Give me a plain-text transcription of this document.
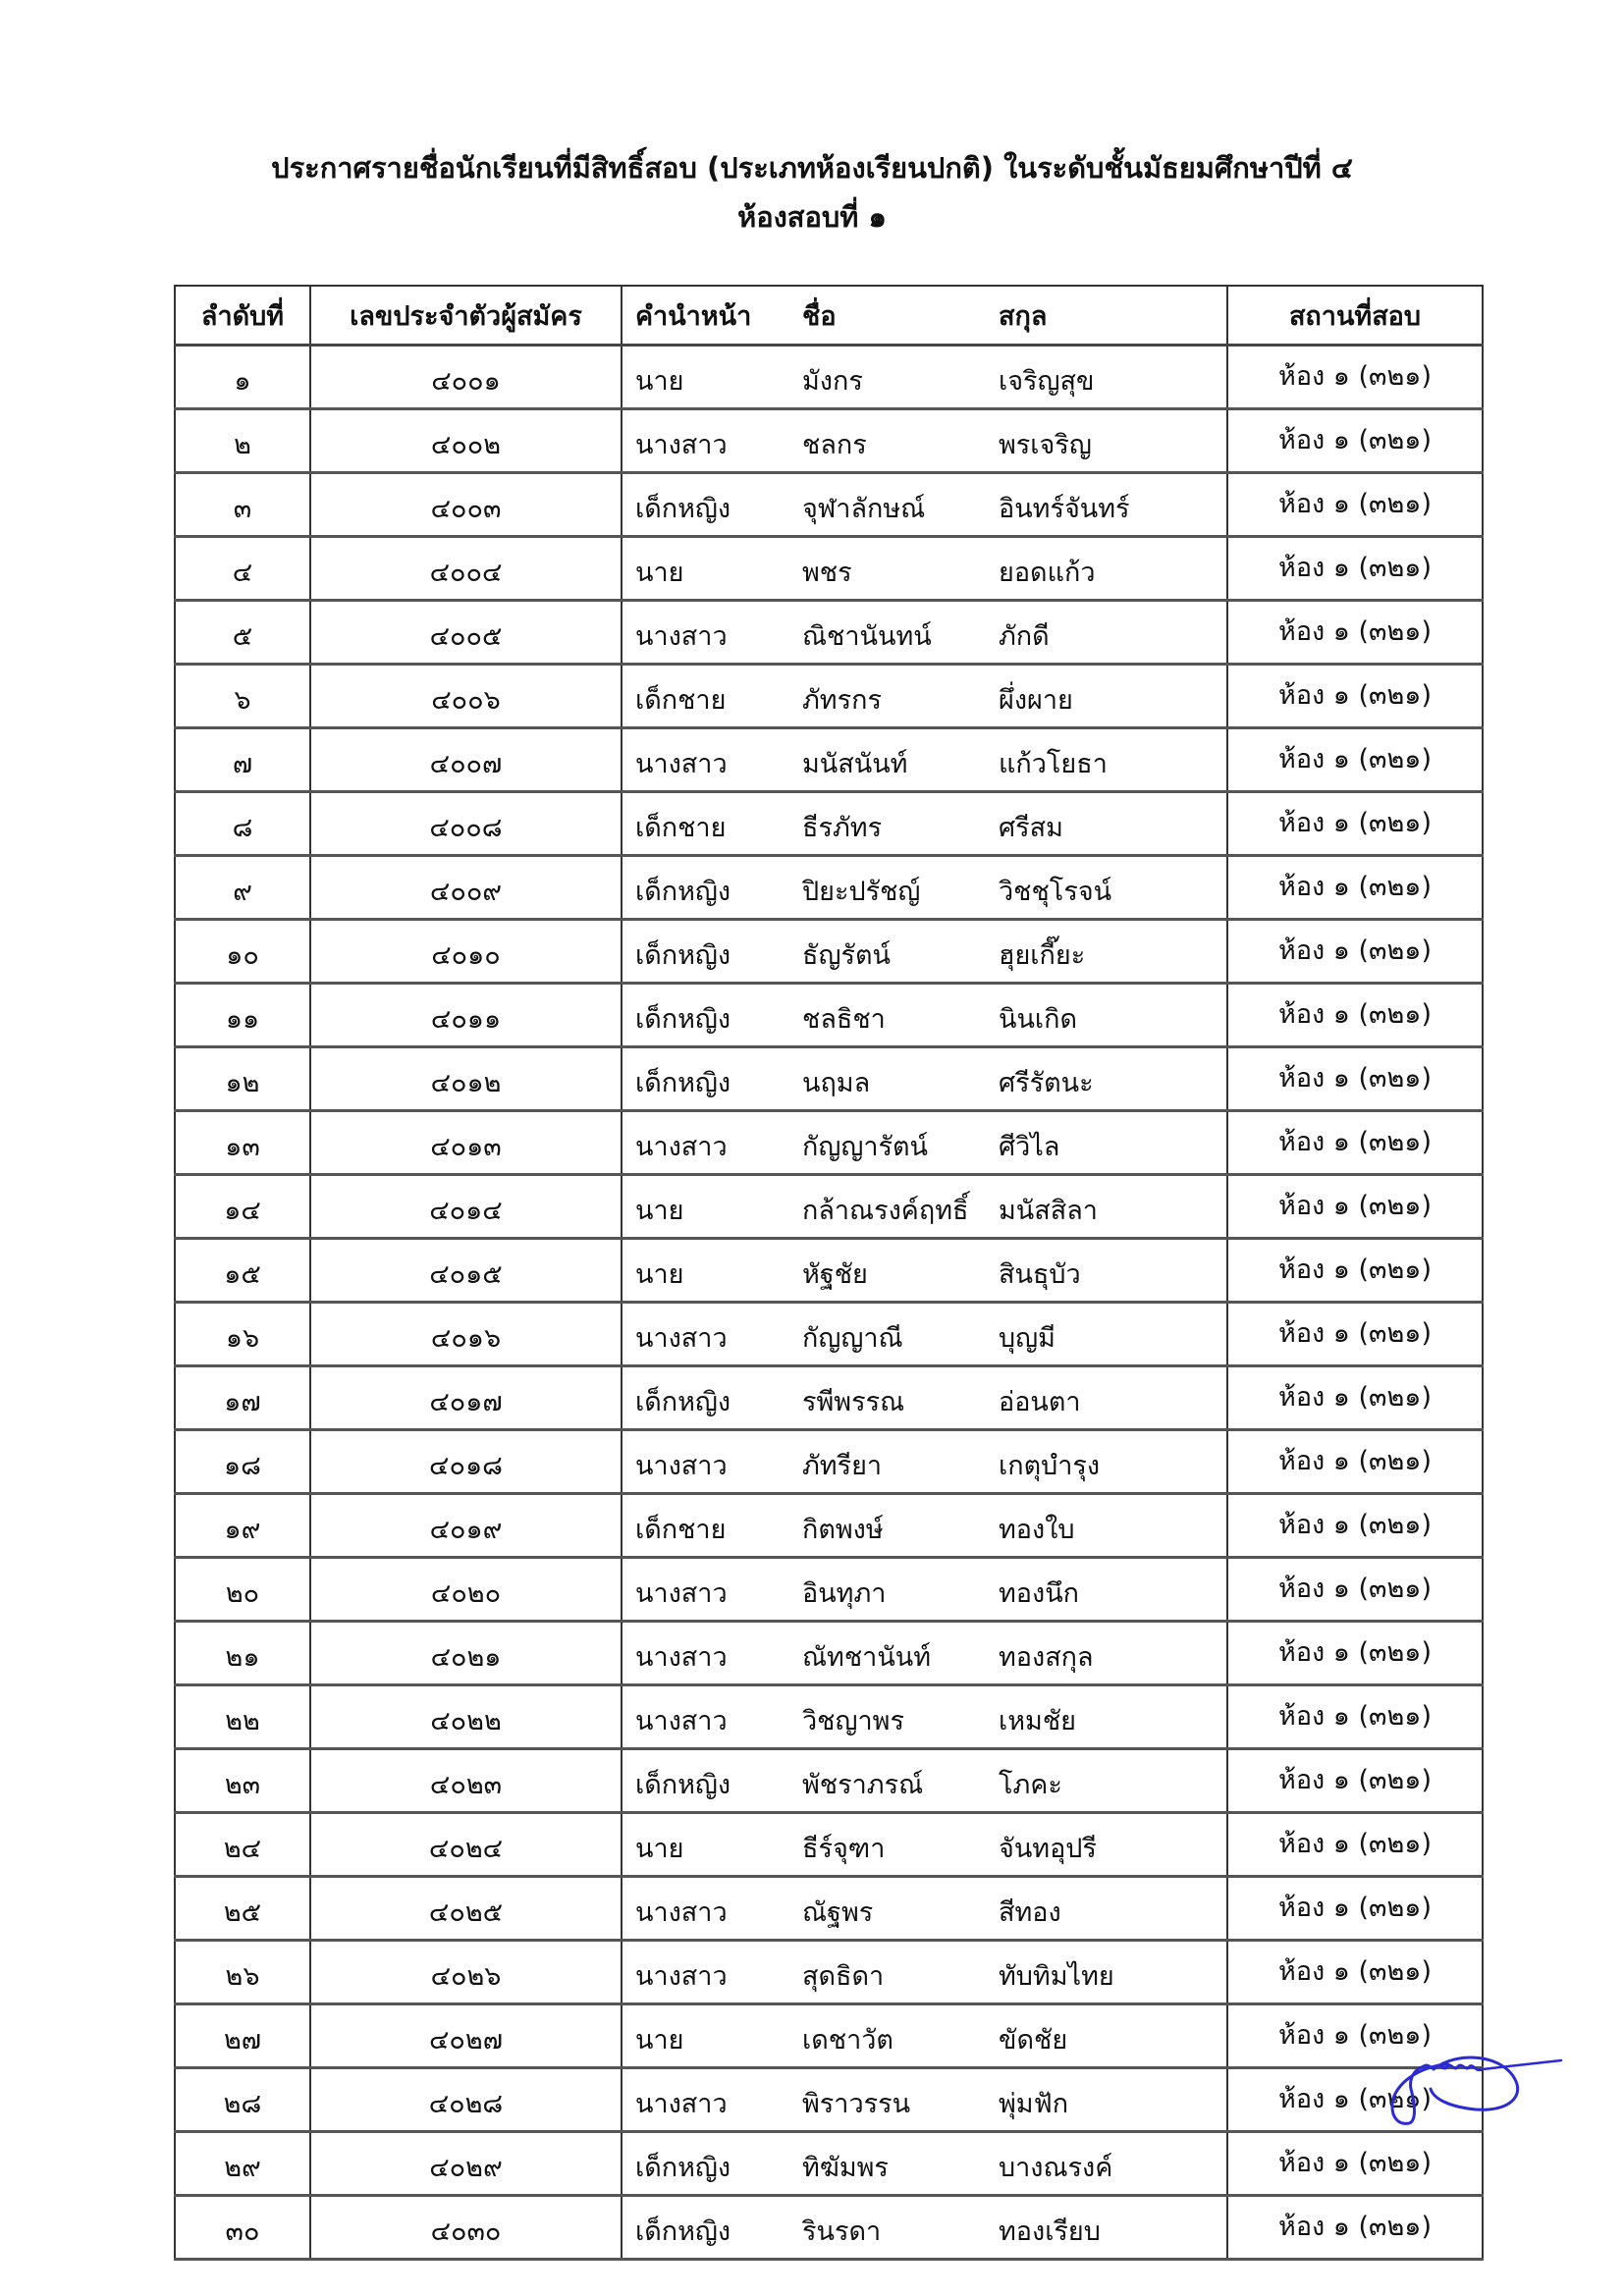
ประกาศรายชื่อนักเรียนที่มีสิทธิ์สอบ (ประเภทห้องเรียนปกติ) ในระดับชั้นมัธยมศึกษาปีที่ ๔
ห้องสอบที่ ๑
ลำดับที่	เลขประจำตัวผู้สมัคร	คำนำหน้า	ชื่อ	สกุล	สถานที่สอบ
๑	๔๐๐๑	นาย	มังกร	เจริญสุข	ห้อง ๑ (๓๒๑)
๒	๔๐๐๒	นางสาว	ชลกร	พรเจริญ	ห้อง ๑ (๓๒๑)
๓	๔๐๐๓	เด็กหญิง	จุฬาลักษณ์	อินทร์จันทร์	ห้อง ๑ (๓๒๑)
๔	๔๐๐๔	นาย	พชร	ยอดแก้ว	ห้อง ๑ (๓๒๑)
๕	๔๐๐๕	นางสาว	ณิชานันทน์	ภักดี	ห้อง ๑ (๓๒๑)
๖	๔๐๐๖	เด็กชาย	ภัทรกร	ผึ่งผาย	ห้อง ๑ (๓๒๑)
๗	๔๐๐๗	นางสาว	มนัสนันท์	แก้วโยธา	ห้อง ๑ (๓๒๑)
๘	๔๐๐๘	เด็กชาย	ธีรภัทร	ศรีสม	ห้อง ๑ (๓๒๑)
๙	๔๐๐๙	เด็กหญิง	ปิยะปรัชญ์	วิชชุโรจน์	ห้อง ๑ (๓๒๑)
๑๐	๔๐๑๐	เด็กหญิง	ธัญรัตน์	ฮุยเกี๊ยะ	ห้อง ๑ (๓๒๑)
๑๑	๔๐๑๑	เด็กหญิง	ชลธิชา	นินเกิด	ห้อง ๑ (๓๒๑)
๑๒	๔๐๑๒	เด็กหญิง	นฤมล	ศรีรัตนะ	ห้อง ๑ (๓๒๑)
๑๓	๔๐๑๓	นางสาว	กัญญารัตน์	ศีวิไล	ห้อง ๑ (๓๒๑)
๑๔	๔๐๑๔	นาย	กล้าณรงค์ฤทธิ์	มนัสสิลา	ห้อง ๑ (๓๒๑)
๑๕	๔๐๑๕	นาย	หัฐชัย	สินธุบัว	ห้อง ๑ (๓๒๑)
๑๖	๔๐๑๖	นางสาว	กัญญาณี	บุญมี	ห้อง ๑ (๓๒๑)
๑๗	๔๐๑๗	เด็กหญิง	รพีพรรณ	อ่อนตา	ห้อง ๑ (๓๒๑)
๑๘	๔๐๑๘	นางสาว	ภัทรียา	เกตุบำรุง	ห้อง ๑ (๓๒๑)
๑๙	๔๐๑๙	เด็กชาย	กิตพงษ์	ทองใบ	ห้อง ๑ (๓๒๑)
๒๐	๔๐๒๐	นางสาว	อินทุภา	ทองนึก	ห้อง ๑ (๓๒๑)
๒๑	๔๐๒๑	นางสาว	ณัทชานันท์	ทองสกุล	ห้อง ๑ (๓๒๑)
๒๒	๔๐๒๒	นางสาว	วิชญาพร	เหมชัย	ห้อง ๑ (๓๒๑)
๒๓	๔๐๒๓	เด็กหญิง	พัชราภรณ์	โภคะ	ห้อง ๑ (๓๒๑)
๒๔	๔๐๒๔	นาย	ธีร์จุฑา	จันทอุปรี	ห้อง ๑ (๓๒๑)
๒๕	๔๐๒๕	นางสาว	ณัฐพร	สีทอง	ห้อง ๑ (๓๒๑)
๒๖	๔๐๒๖	นางสาว	สุดธิดา	ทับทิมไทย	ห้อง ๑ (๓๒๑)
๒๗	๔๐๒๗	นาย	เดชาวัต	ขัดชัย	ห้อง ๑ (๓๒๑)
๒๘	๔๐๒๘	นางสาว	พิราวรรน	พุ่มฟัก	ห้อง ๑ (๓๒๑)
๒๙	๔๐๒๙	เด็กหญิง	ทิฆัมพร	บางณรงค์	ห้อง ๑ (๓๒๑)
๓๐	๔๐๓๐	เด็กหญิง	รินรดา	ทองเรียบ	ห้อง ๑ (๓๒๑)
